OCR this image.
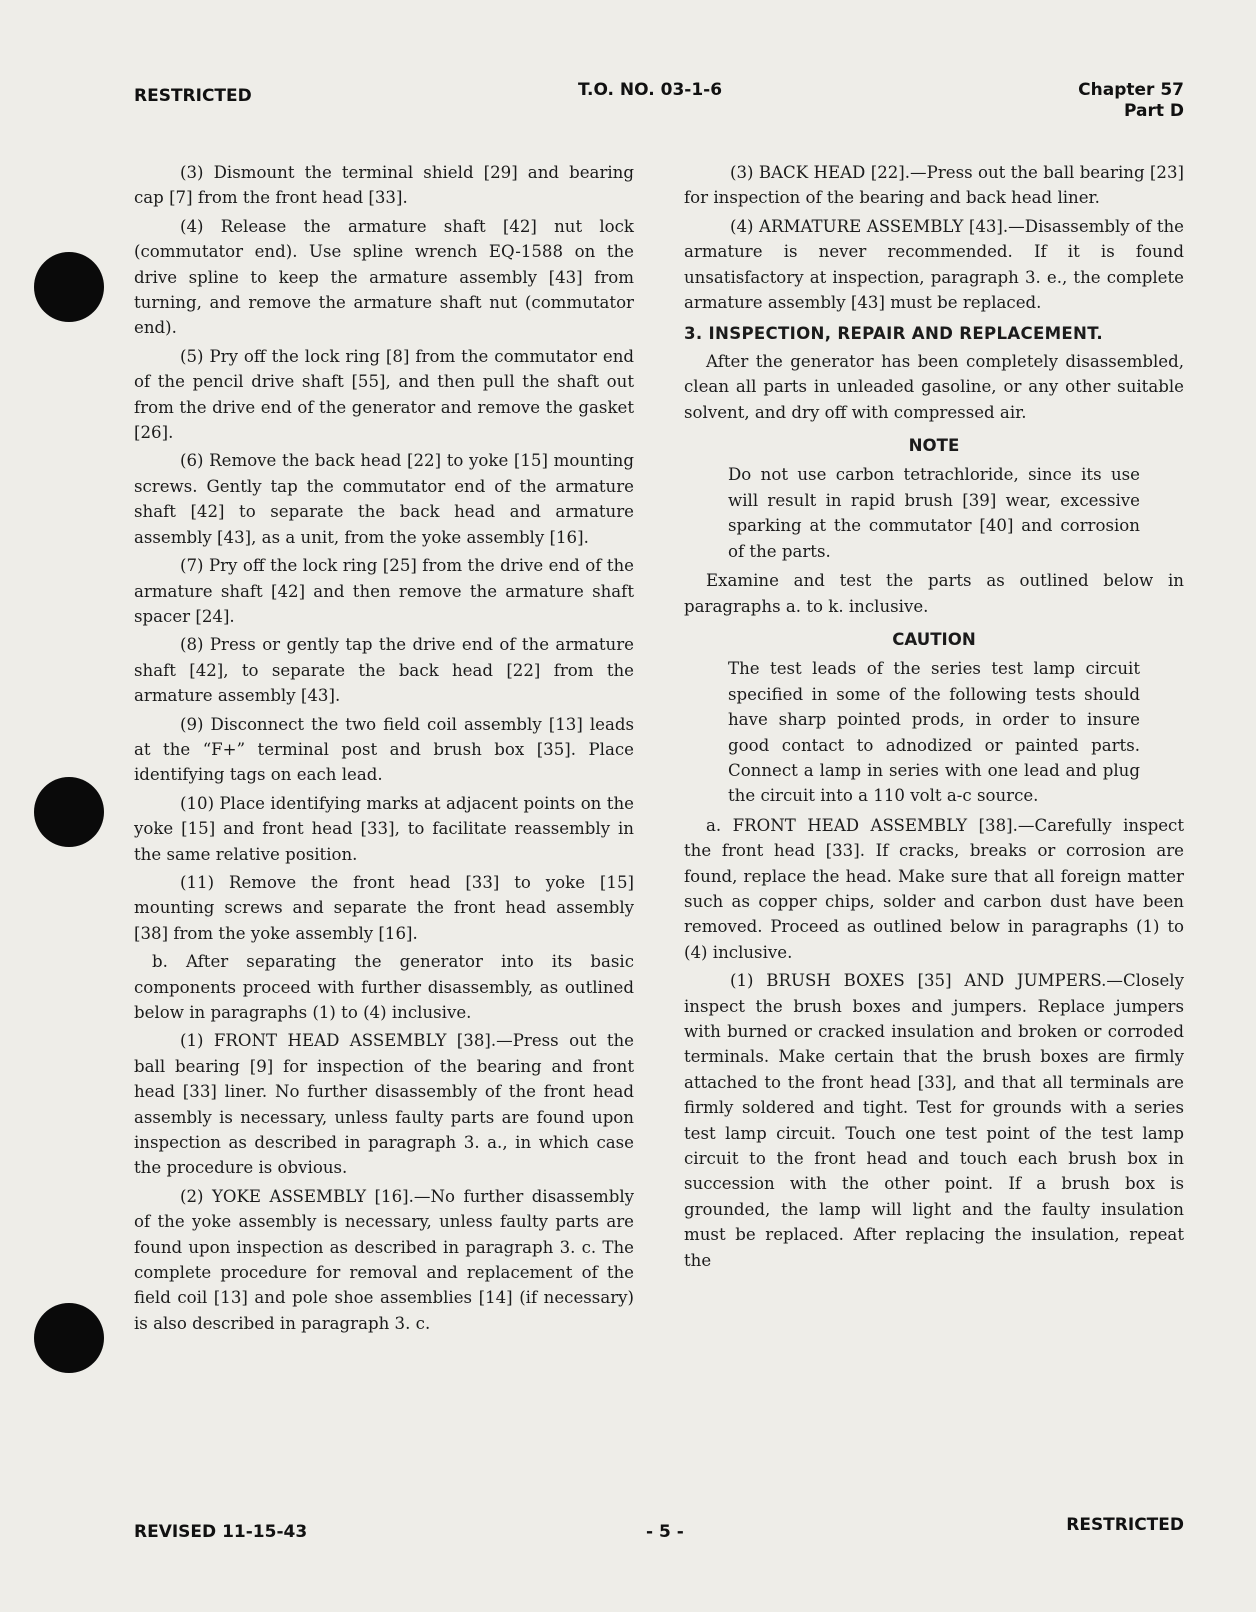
RESTRICTED	T.O. NO. 03-1-6	Chapter 57
Part D

(3) Dismount the terminal shield [29] and bearing cap [7] from the front head [33].

(4) Release the armature shaft [42] nut lock (commutator end). Use spline wrench EQ-1588 on the drive spline to keep the armature assembly [43] from turning, and remove the armature shaft nut (commutator end).

(5) Pry off the lock ring [8] from the commutator end of the pencil drive shaft [55], and then pull the shaft out from the drive end of the generator and remove the gasket [26].

(6) Remove the back head [22] to yoke [15] mounting screws. Gently tap the commutator end of the armature shaft [42] to separate the back head and armature assembly [43], as a unit, from the yoke assembly [16].

(7) Pry off the lock ring [25] from the drive end of the armature shaft [42] and then remove the armature shaft spacer [24].

(8) Press or gently tap the drive end of the armature shaft [42], to separate the back head [22] from the armature assembly [43].

(9) Disconnect the two field coil assembly [13] leads at the “F+” terminal post and brush box [35]. Place identifying tags on each lead.

(10) Place identifying marks at adjacent points on the yoke [15] and front head [33], to facilitate reassembly in the same relative position.

(11) Remove the front head [33] to yoke [15] mounting screws and separate the front head assembly [38] from the yoke assembly [16].

b. After separating the generator into its basic components proceed with further disassembly, as outlined below in paragraphs (1) to (4) inclusive.

(1) FRONT HEAD ASSEMBLY [38].—Press out the ball bearing [9] for inspection of the bearing and front head [33] liner. No further disassembly of the front head assembly is necessary, unless faulty parts are found upon inspection as described in paragraph 3. a., in which case the procedure is obvious.

(2) YOKE ASSEMBLY [16].—No further disassembly of the yoke assembly is necessary, unless faulty parts are found upon inspection as described in paragraph 3. c. The complete procedure for removal and replacement of the field coil [13] and pole shoe assemblies [14] (if necessary) is also described in paragraph 3. c.

(3) BACK HEAD [22].—Press out the ball bearing [23] for inspection of the bearing and back head liner.

(4) ARMATURE ASSEMBLY [43].—Disassembly of the armature is never recommended. If it is found unsatisfactory at inspection, paragraph 3. e., the complete armature assembly [43] must be replaced.

3. INSPECTION, REPAIR AND REPLACEMENT.

After the generator has been completely disassembled, clean all parts in unleaded gasoline, or any other suitable solvent, and dry off with compressed air.

NOTE

Do not use carbon tetrachloride, since its use will result in rapid brush [39] wear, excessive sparking at the commutator [40] and corrosion of the parts.

Examine and test the parts as outlined below in paragraphs a. to k. inclusive.

CAUTION

The test leads of the series test lamp circuit specified in some of the following tests should have sharp pointed prods, in order to insure good contact to adnodized or painted parts. Connect a lamp in series with one lead and plug the circuit into a 110 volt a-c source.

a. FRONT HEAD ASSEMBLY [38].—Carefully inspect the front head [33]. If cracks, breaks or corrosion are found, replace the head. Make sure that all foreign matter such as copper chips, solder and carbon dust have been removed. Proceed as outlined below in paragraphs (1) to (4) inclusive.

(1) BRUSH BOXES [35] AND JUMPERS.—Closely inspect the brush boxes and jumpers. Replace jumpers with burned or cracked insulation and broken or corroded terminals. Make certain that the brush boxes are firmly attached to the front head [33], and that all terminals are firmly soldered and tight. Test for grounds with a series test lamp circuit. Touch one test point of the test lamp circuit to the front head and touch each brush box in succession with the other point. If a brush box is grounded, the lamp will light and the faulty insulation must be replaced. After replacing the insulation, repeat the

REVISED 11-15-43	- 5 -	RESTRICTED
